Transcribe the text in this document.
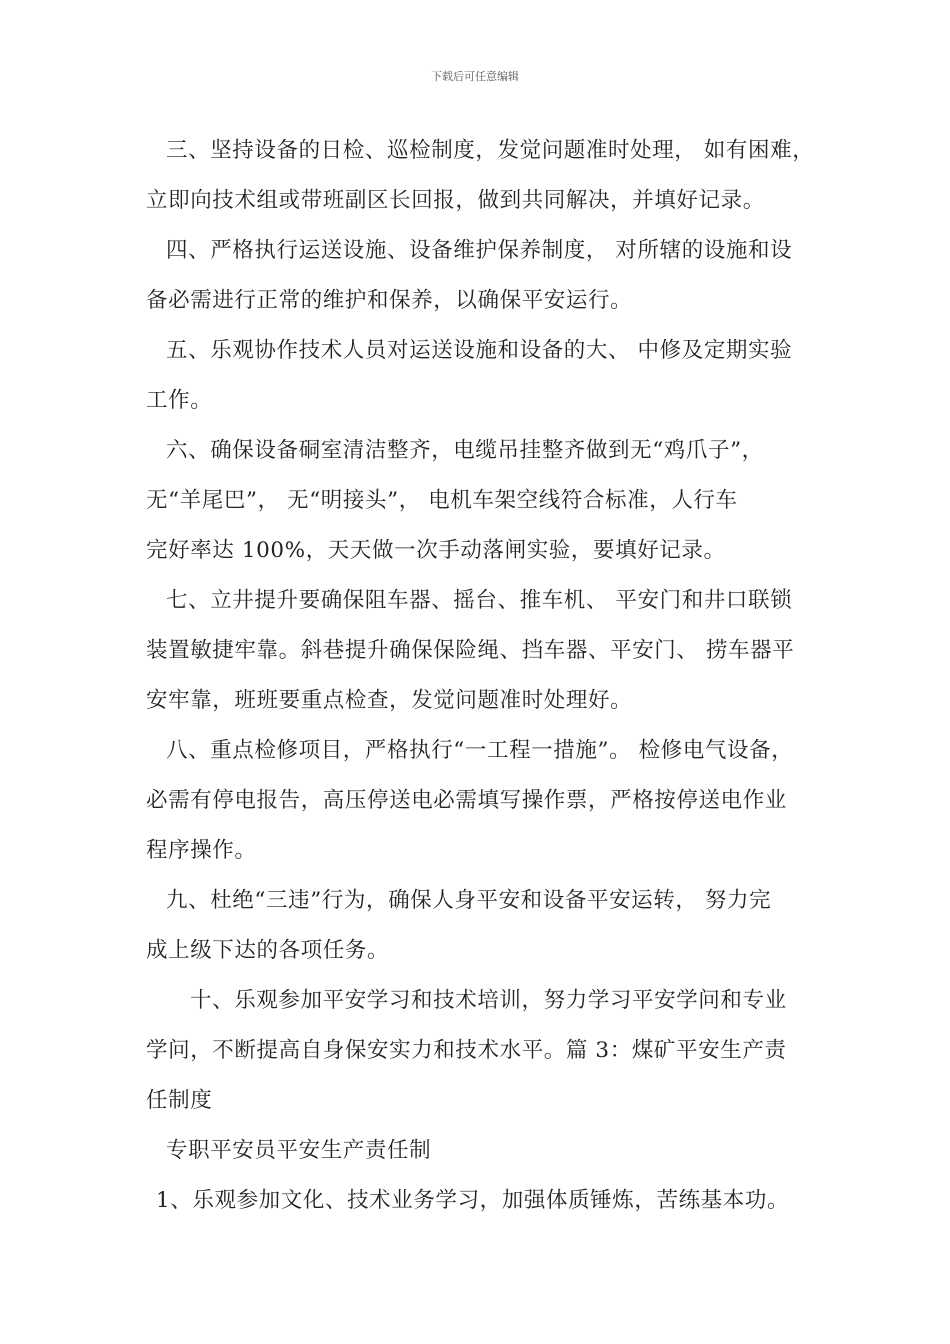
下载后可任意编辑
三、坚持设备的日检、巡检制度，发觉问题准时处理， 如有困难，
立即向技术组或带班副区长回报，做到共同解决，并填好记录。
四、严格执行运送设施、设备维护保养制度， 对所辖的设施和设
备必需进行正常的维护和保养，以确保平安运行。
五、乐观协作技术人员对运送设施和设备的大、 中修及定期实验
工作。
六、确保设备硐室清洁整齐，电缆吊挂整齐做到无“鸡爪子”，
无“羊尾巴”， 无“明接头”， 电机车架空线符合标准，人行车
完好率达 100%，天天做一次手动落闸实验，要填好记录。
七、立井提升要确保阻车器、摇台、推车机、 平安门和井口联锁
装置敏捷牢靠。斜巷提升确保保险绳、挡车器、平安门、 捞车器平
安牢靠，班班要重点检查，发觉问题准时处理好。
八、重点检修项目，严格执行“一工程一措施”。 检修电气设备，
必需有停电报告，高压停送电必需填写操作票，严格按停送电作业
程序操作。
九、杜绝“三违”行为，确保人身平安和设备平安运转， 努力完
成上级下达的各项任务。
十、乐观参加平安学习和技术培训，努力学习平安学问和专业
学问，不断提高自身保安实力和技术水平。篇 3：煤矿平安生产责
任制度
专职平安员平安生产责任制
1、乐观参加文化、技术业务学习，加强体质锤炼，苦练基本功。
